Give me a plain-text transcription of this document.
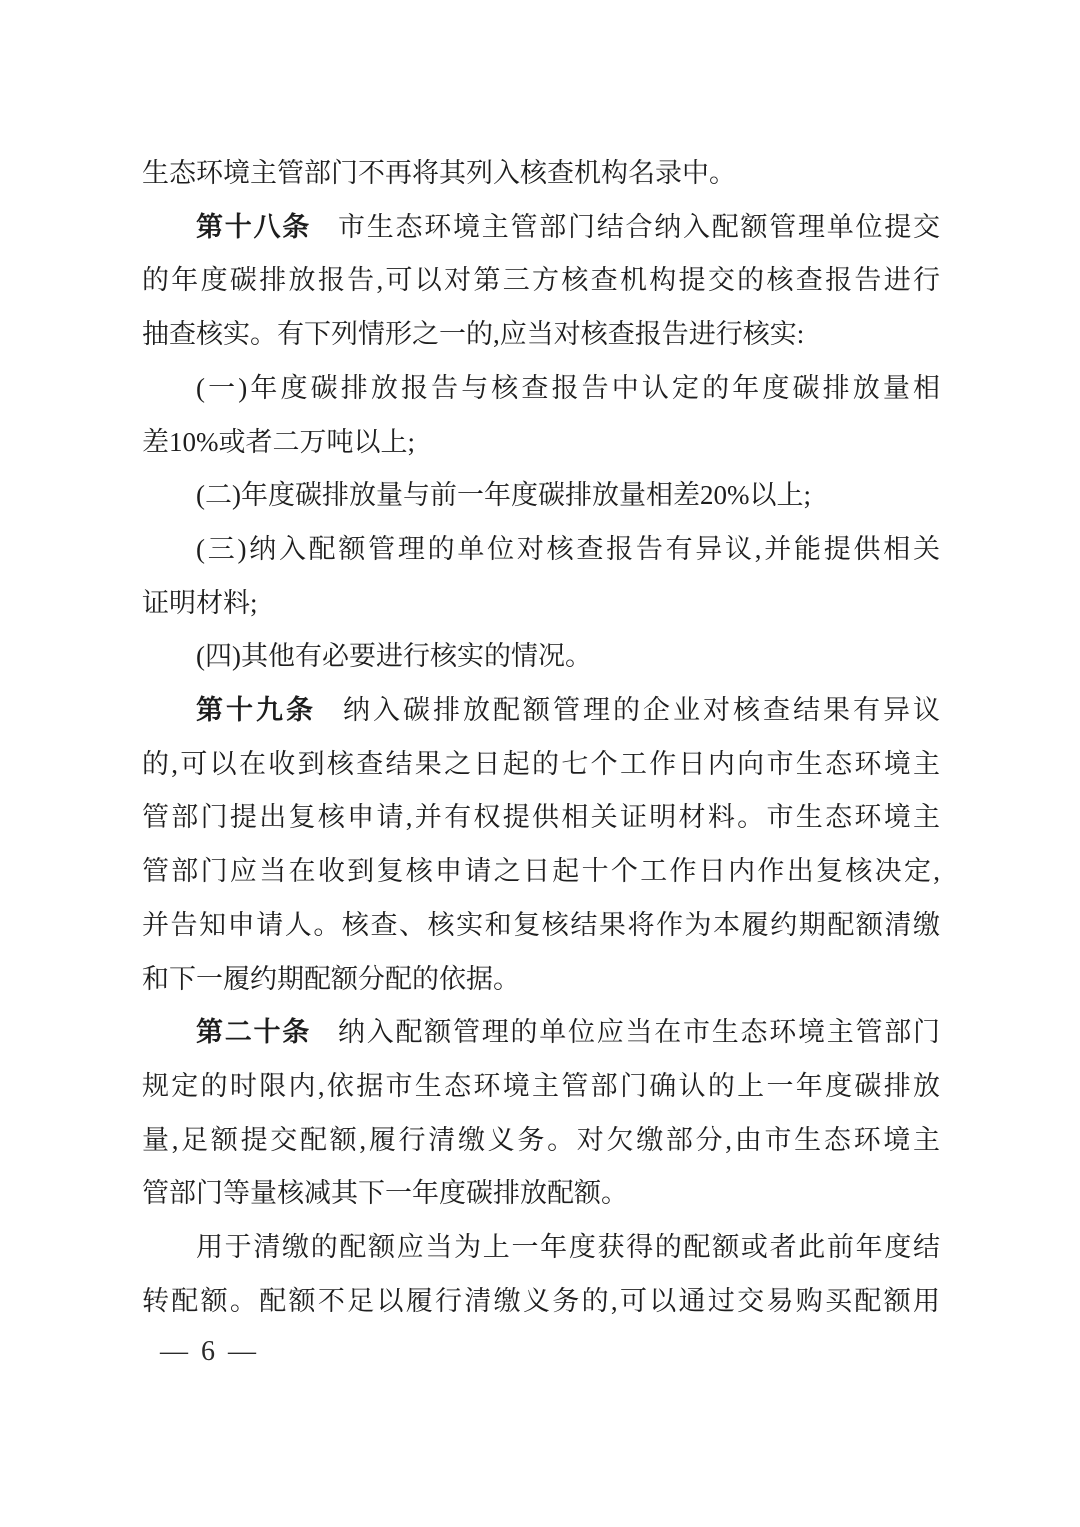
生态环境主管部门不再将其列入核查机构名录中。
第十八条 市生态环境主管部门结合纳入配额管理单位提交
的年度碳排放报告,可以对第三方核查机构提交的核查报告进行
抽查核实。有下列情形之一的,应当对核查报告进行核实:
(一)年度碳排放报告与核查报告中认定的年度碳排放量相
差10%或者二万吨以上;
(二)年度碳排放量与前一年度碳排放量相差20%以上;
(三)纳入配额管理的单位对核查报告有异议,并能提供相关
证明材料;
(四)其他有必要进行核实的情况。
第十九条 纳入碳排放配额管理的企业对核查结果有异议
的,可以在收到核查结果之日起的七个工作日内向市生态环境主
管部门提出复核申请,并有权提供相关证明材料。市生态环境主
管部门应当在收到复核申请之日起十个工作日内作出复核决定,
并告知申请人。核查、核实和复核结果将作为本履约期配额清缴
和下一履约期配额分配的依据。
第二十条 纳入配额管理的单位应当在市生态环境主管部门
规定的时限内,依据市生态环境主管部门确认的上一年度碳排放
量,足额提交配额,履行清缴义务。对欠缴部分,由市生态环境主
管部门等量核减其下一年度碳排放配额。
用于清缴的配额应当为上一年度获得的配额或者此前年度结
转配额。配额不足以履行清缴义务的,可以通过交易购买配额用
— 6 —
